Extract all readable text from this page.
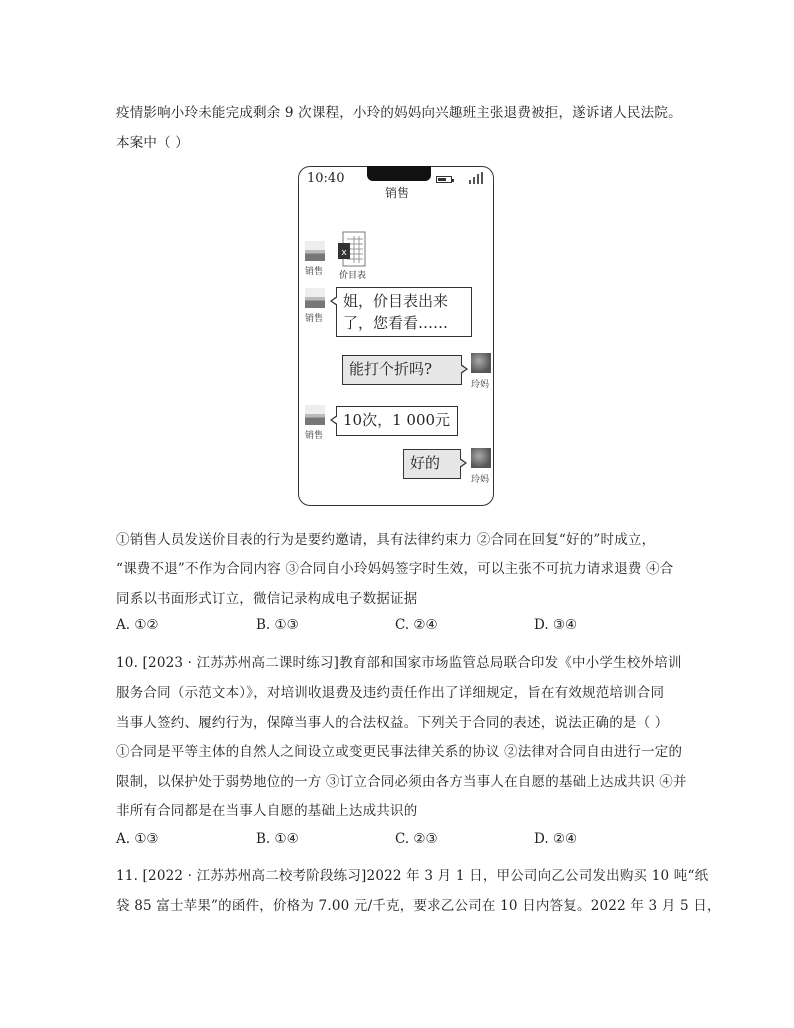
疫情影响小玲未能完成剩余 9 次课程，小玲的妈妈向兴趣班主张退费被拒，遂诉诸人民法院。
本案中（ ）
10:40
销售
销售
x
价目表
销售
姐，价目表出来
了，您看看……
能打个折吗?
玲妈
销售
10次，1 000元
好的
玲妈
①销售人员发送价目表的行为是要约邀请，具有法律约束力 ②合同在回复“好的”时成立，
“课费不退”不作为合同内容 ③合同自小玲妈妈签字时生效，可以主张不可抗力请求退费 ④合
同系以书面形式订立，微信记录构成电子数据证据
A. ①②	B. ①③	C. ②④	D. ③④
10. [2023 · 江苏苏州高二课时练习]教育部和国家市场监管总局联合印发《中小学生校外培训
服务合同（示范文本）》，对培训收退费及违约责任作出了详细规定，旨在有效规范培训合同
当事人签约、履约行为，保障当事人的合法权益。下列关于合同的表述，说法正确的是（ ）
①合同是平等主体的自然人之间设立或变更民事法律关系的协议 ②法律对合同自由进行一定的
限制，以保护处于弱势地位的一方 ③订立合同必须由各方当事人在自愿的基础上达成共识 ④并
非所有合同都是在当事人自愿的基础上达成共识的
A. ①③	B. ①④	C. ②③	D. ②④
11. [2022 · 江苏苏州高二校考阶段练习]2022 年 3 月 1 日，甲公司向乙公司发出购买 10 吨“纸
袋 85 富士苹果”的函件，价格为 7.00 元/千克，要求乙公司在 10 日内答复。2022 年 3 月 5 日，
